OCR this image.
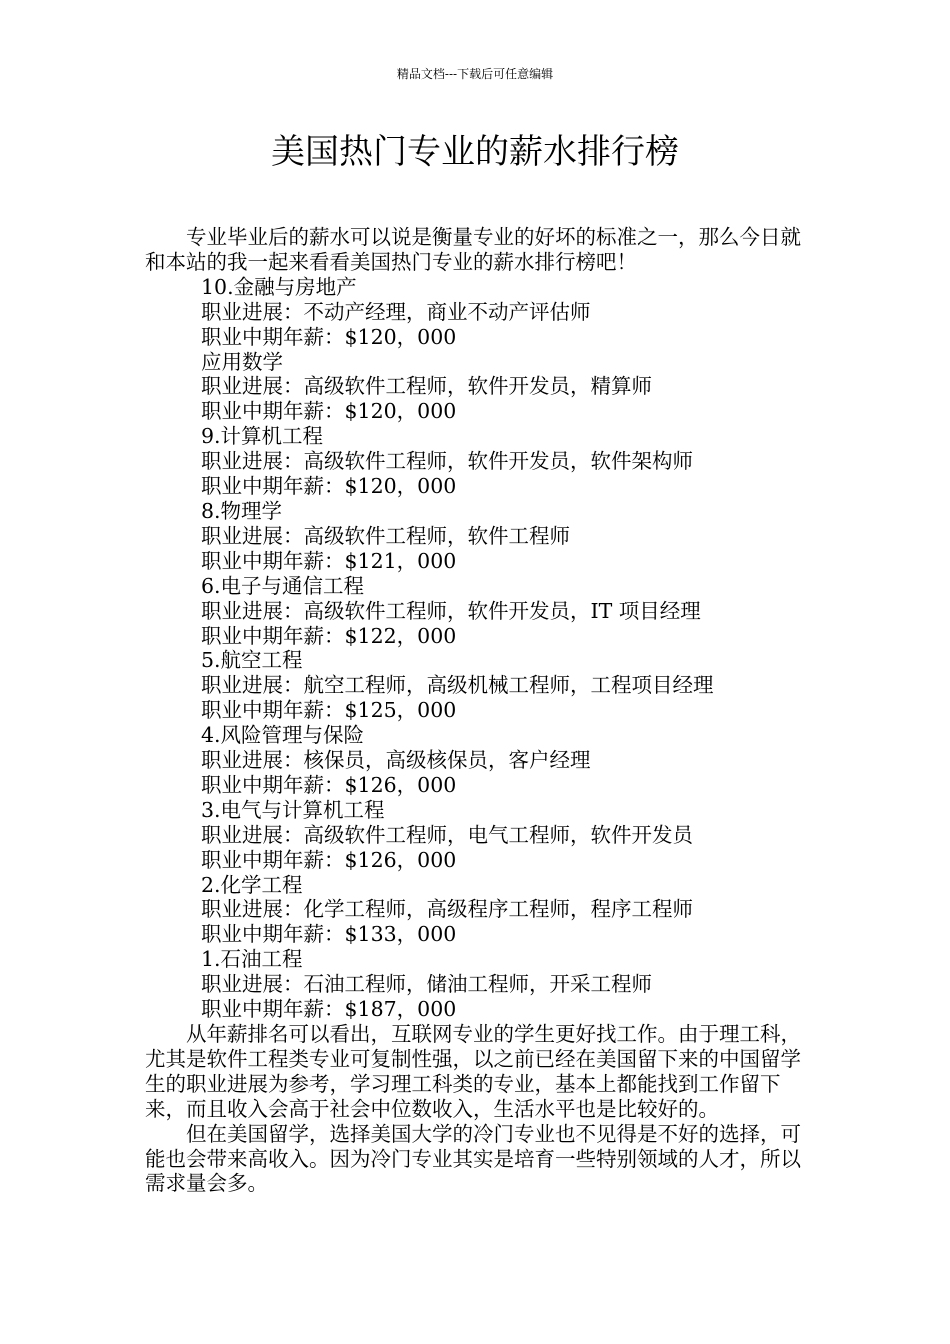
精品文档---下载后可任意编辑
美国热门专业的薪水排行榜

专业毕业后的薪水可以说是衡量专业的好坏的标准之一，那么今日就和本站的我一起来看看美国热门专业的薪水排行榜吧！

10.金融与房地产

职业进展：不动产经理，商业不动产评估师

职业中期年薪：$120，000

应用数学

职业进展：高级软件工程师，软件开发员，精算师

职业中期年薪：$120，000

9.计算机工程

职业进展：高级软件工程师，软件开发员，软件架构师

职业中期年薪：$120，000

8.物理学

职业进展：高级软件工程师，软件工程师

职业中期年薪：$121，000

6.电子与通信工程

职业进展：高级软件工程师，软件开发员，IT 项目经理

职业中期年薪：$122，000

5.航空工程

职业进展：航空工程师，高级机械工程师，工程项目经理

职业中期年薪：$125，000

4.风险管理与保险

职业进展：核保员，高级核保员，客户经理

职业中期年薪：$126，000

3.电气与计算机工程

职业进展：高级软件工程师，电气工程师，软件开发员

职业中期年薪：$126，000

2.化学工程

职业进展：化学工程师，高级程序工程师，程序工程师

职业中期年薪：$133，000

1.石油工程

职业进展：石油工程师，储油工程师，开采工程师

职业中期年薪：$187，000

从年薪排名可以看出，互联网专业的学生更好找工作。由于理工科，尤其是软件工程类专业可复制性强，以之前已经在美国留下来的中国留学生的职业进展为参考，学习理工科类的专业，基本上都能找到工作留下来，而且收入会高于社会中位数收入，生活水平也是比较好的。

但在美国留学，选择美国大学的冷门专业也不见得是不好的选择，可能也会带来高收入。因为冷门专业其实是培育一些特别领域的人才，所以需求量会多。
